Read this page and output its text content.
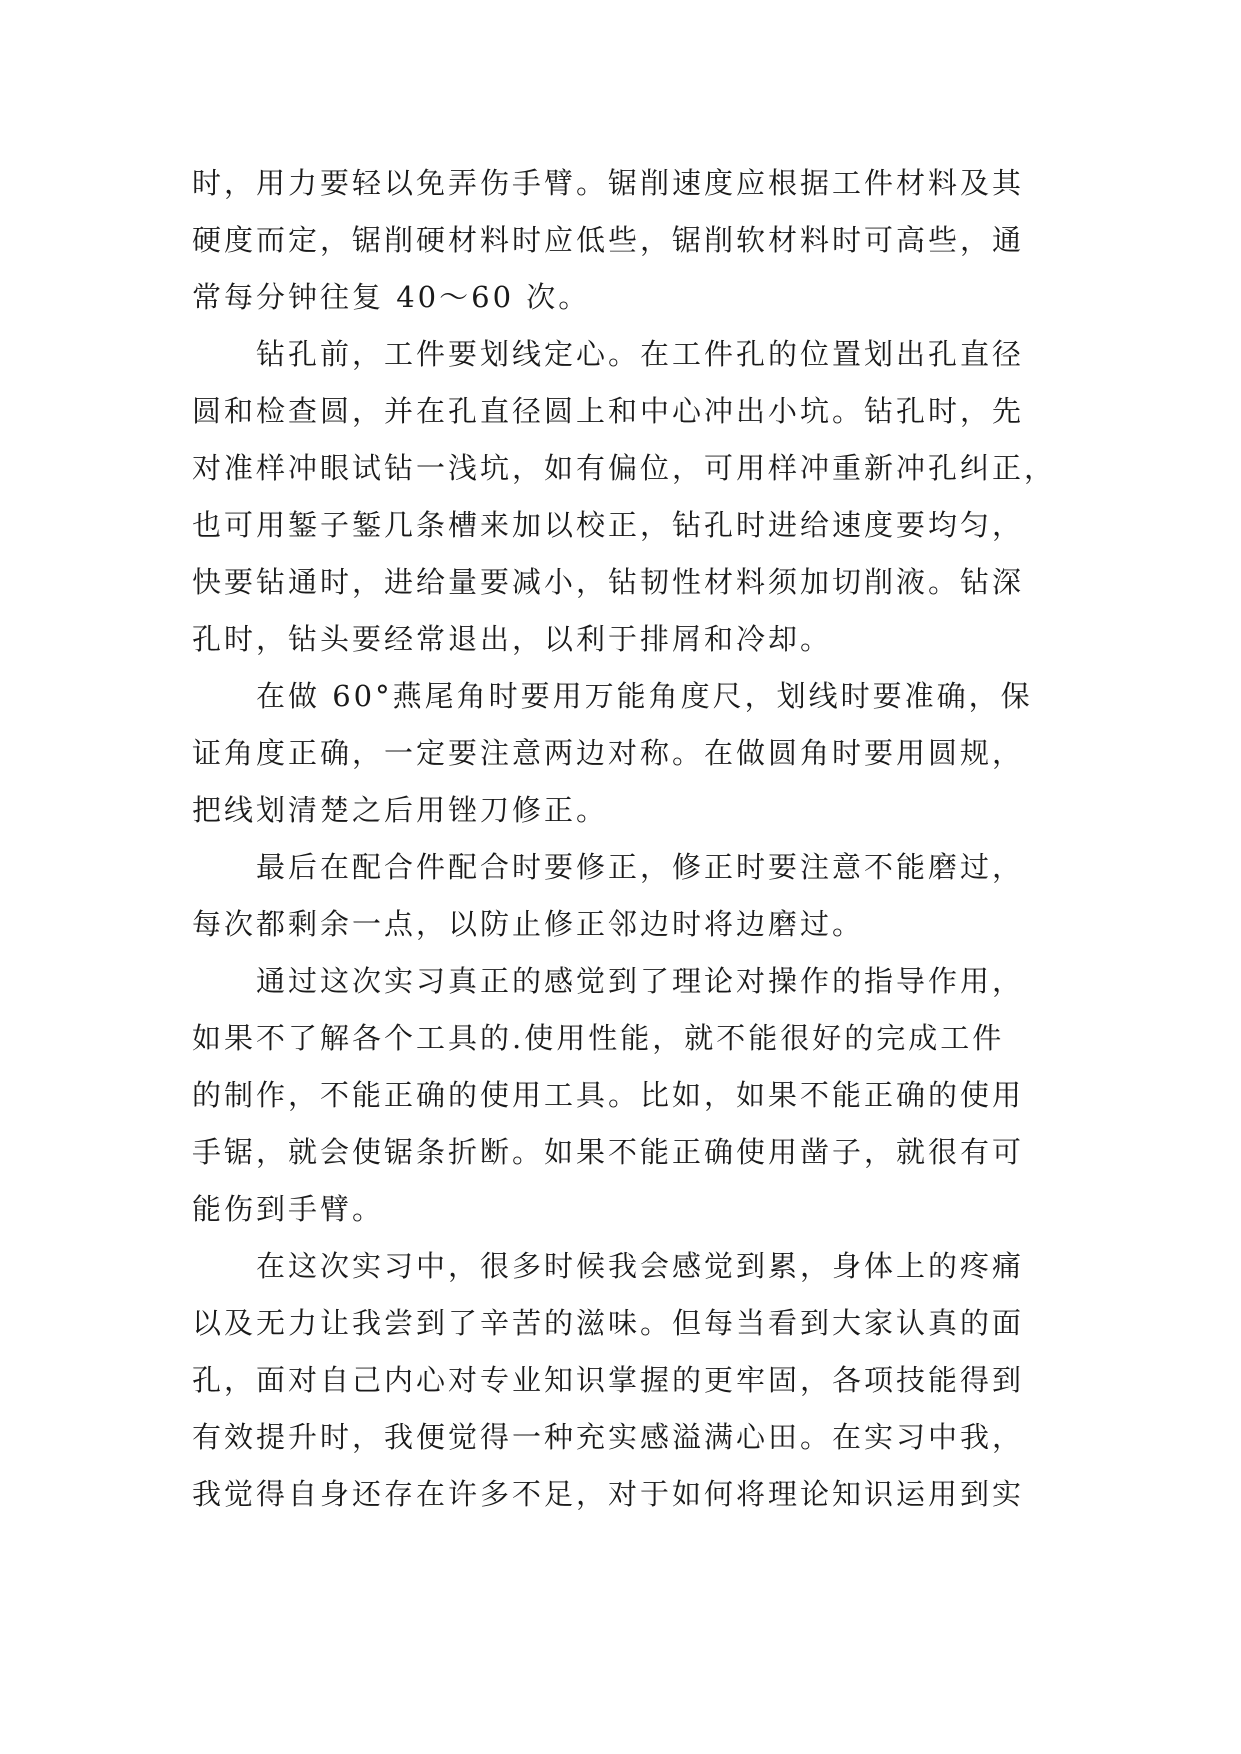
时，用力要轻以免弄伤手臂。锯削速度应根据工件材料及其
硬度而定，锯削硬材料时应低些，锯削软材料时可高些，通
常每分钟往复 40～60 次。
钻孔前，工件要划线定心。在工件孔的位置划出孔直径
圆和检查圆，并在孔直径圆上和中心冲出小坑。钻孔时，先
对准样冲眼试钻一浅坑，如有偏位，可用样冲重新冲孔纠正，
也可用錾子錾几条槽来加以校正，钻孔时进给速度要均匀，
快要钻通时，进给量要减小，钻韧性材料须加切削液。钻深
孔时，钻头要经常退出，以利于排屑和冷却。
在做 60°燕尾角时要用万能角度尺，划线时要准确，保
证角度正确，一定要注意两边对称。在做圆角时要用圆规，
把线划清楚之后用锉刀修正。
最后在配合件配合时要修正，修正时要注意不能磨过，
每次都剩余一点，以防止修正邻边时将边磨过。
通过这次实习真正的感觉到了理论对操作的指导作用，
如果不了解各个工具的.使用性能，就不能很好的完成工件
的制作，不能正确的使用工具。比如，如果不能正确的使用
手锯，就会使锯条折断。如果不能正确使用凿子，就很有可
能伤到手臂。
在这次实习中，很多时候我会感觉到累，身体上的疼痛
以及无力让我尝到了辛苦的滋味。但每当看到大家认真的面
孔，面对自己内心对专业知识掌握的更牢固，各项技能得到
有效提升时，我便觉得一种充实感溢满心田。在实习中我，
我觉得自身还存在许多不足，对于如何将理论知识运用到实
